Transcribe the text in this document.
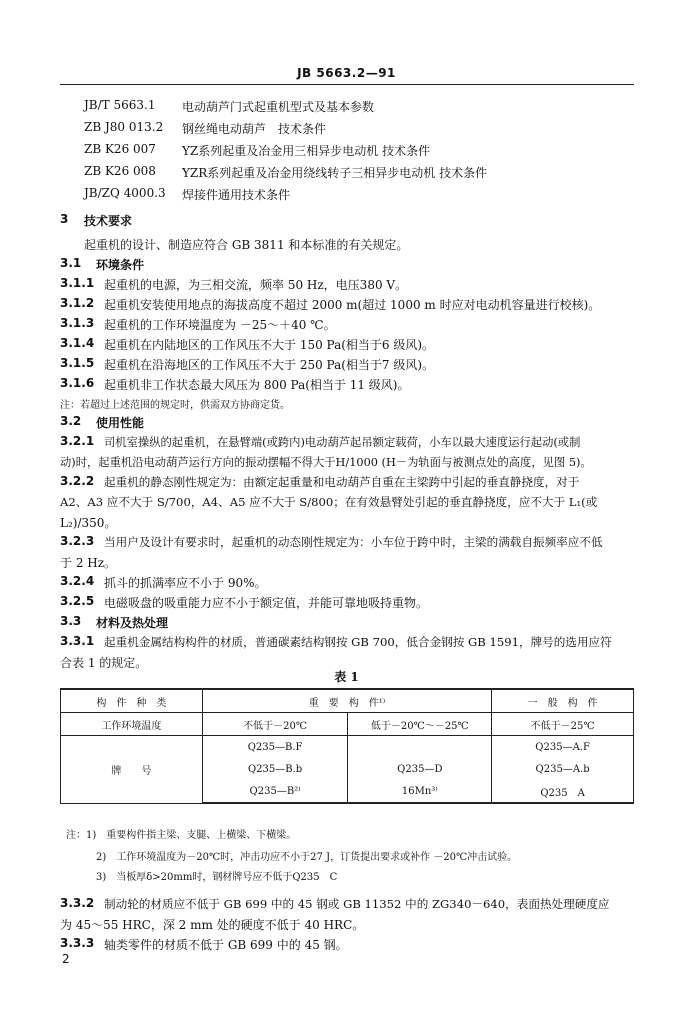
JB 5663.2—91
JB/T 5663.1 电动葫芦门式起重机型式及基本参数
ZB J80 013.2 钢丝绳电动葫芦　技术条件
ZB K26 007 YZ系列起重及冶金用三相异步电动机 技术条件
ZB K26 008 YZR系列起重及冶金用绕线转子三相异步电动机 技术条件
JB/ZQ 4000.3 焊接件通用技术条件
3 技术要求
起重机的设计、制造应符合 GB 3811 和本标准的有关规定。
3.1 环境条件
3.1.1 起重机的电源，为三相交流，频率 50 Hz，电压380 V。
3.1.2 起重机安装使用地点的海拔高度不超过 2000 m(超过 1000 m 时应对电动机容量进行校核)。
3.1.3 起重机的工作环境温度为 －25～＋40 ℃。
3.1.4 起重机在内陆地区的工作风压不大于 150 Pa(相当于6 级风)。
3.1.5 起重机在沿海地区的工作风压不大于 250 Pa(相当于7 级风)。
3.1.6 起重机非工作状态最大风压为 800 Pa(相当于 11 级风)。
注：若超过上述范围的规定时，供需双方协商定货。
3.2 使用性能
3.2.1 司机室操纵的起重机，在悬臂端(或跨内)电动葫芦起吊额定载荷，小车以最大速度运行起动(或制
动)时，起重机沿电动葫芦运行方向的振动摆幅不得大于H/1000 (H－为轨面与被测点处的高度，见图 5)。
3.2.2 起重机的静态刚性规定为：由额定起重量和电动葫芦自重在主梁跨中引起的垂直静挠度，对于
A2、A3 应不大于 S/700，A4、A5 应不大于 S/800；在有效悬臂处引起的垂直静挠度，应不大于 L₁(或
L₂)/350。
3.2.3 当用户及设计有要求时，起重机的动态刚性规定为：小车位于跨中时，主梁的满载自振频率应不低
于 2 Hz。
3.2.4 抓斗的抓满率应不小于 90%。
3.2.5 电磁吸盘的吸重能力应不小于额定值，并能可靠地吸持重物。
3.3 材料及热处理
3.3.1 起重机金属结构构件的材质，普通碳素结构钢按 GB 700，低合金钢按 GB 1591，牌号的选用应符
合表 1 的规定。
表 1
构　件　种　类	重　要　构　件¹⁾		一　般　构　件
工作环境温度	不低于－20℃	低于－20℃～－25℃	不低于－25℃
牌　　号	Q235—B.F		Q235—A.F
	Q235—B.b	Q235—D	Q235—A.b
	Q235—B²⁾	16Mn³⁾	Q235　A
注：1)　重要构件指主梁、支腿、上横梁、下横梁。
2)　工作环境温度为－20℃时，冲击功应不小于27 J，订货提出要求或补作 －20℃冲击试验。
3)　当板厚δ>20mm时，钢材牌号应不低于Q235　C
3.3.2 制动轮的材质应不低于 GB 699 中的 45 钢或 GB 11352 中的 ZG340－640，表面热处理硬度应
为 45～55 HRC，深 2 mm 处的硬度不低于 40 HRC。
3.3.3 轴类零件的材质不低于 GB 699 中的 45 钢。
2
